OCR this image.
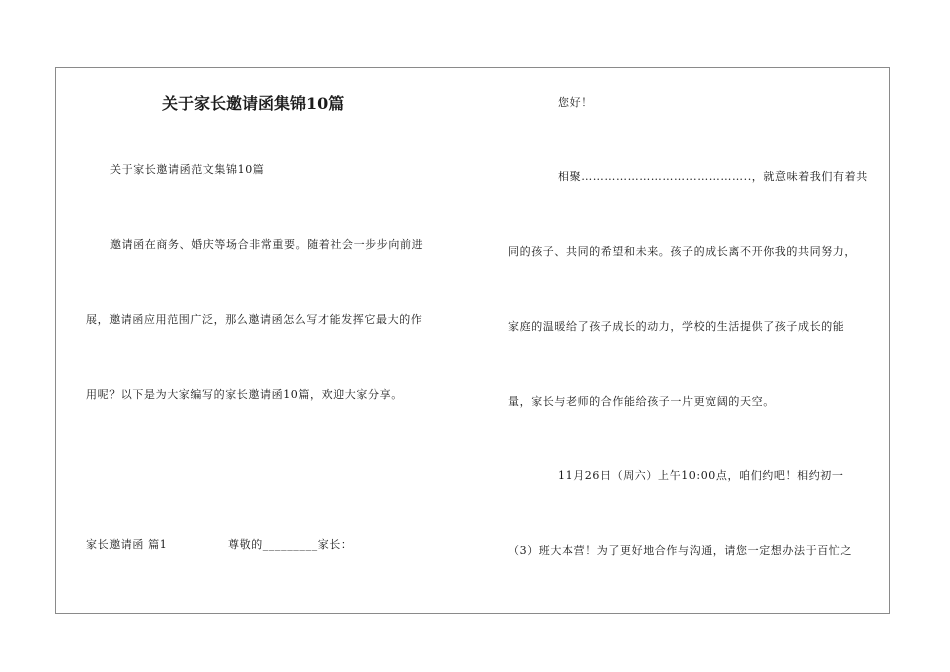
关于家长邀请函集锦10篇
关于家长邀请函范文集锦10篇
邀请函在商务、婚庆等场合非常重要。随着社会一步步向前进
展，邀请函应用范围广泛，那么邀请函怎么写才能发挥它最大的作
用呢？以下是为大家编写的家长邀请函10篇，欢迎大家分享。
家长邀请函 篇1	尊敬的_________家长：
您好！
相聚……………………………………..，就意味着我们有着共
同的孩子、共同的希望和未来。孩子的成长离不开你我的共同努力，
家庭的温暖给了孩子成长的动力，学校的生活提供了孩子成长的能
量，家长与老师的合作能给孩子一片更宽阔的天空。
11月26日（周六）上午10:00点，咱们约吧！相约初一
（3）班大本营！为了更好地合作与沟通，请您一定想办法于百忙之
